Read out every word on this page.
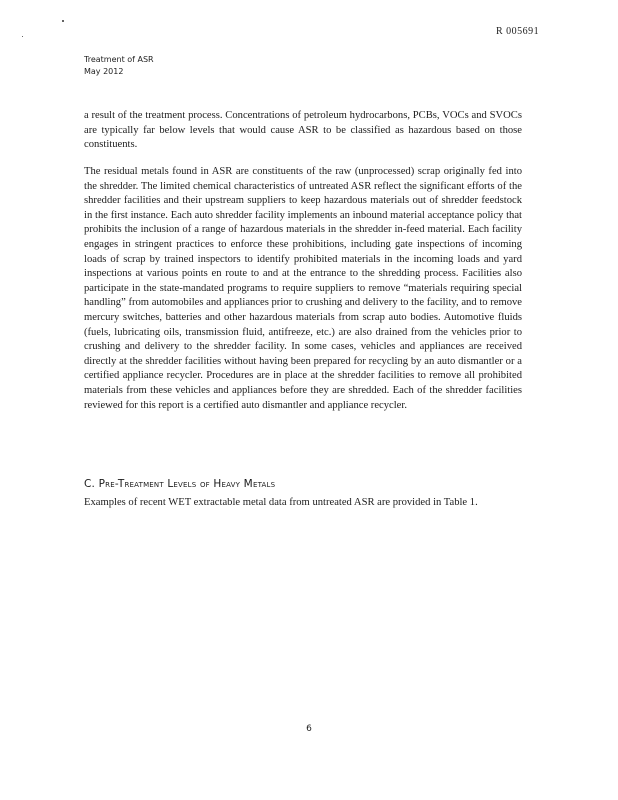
R 005691
Treatment of ASR
May 2012

a result of the treatment process. Concentrations of petroleum hydrocarbons, PCBs, VOCs and SVOCs are typically far below levels that would cause ASR to be classified as hazardous based on those constituents.

The residual metals found in ASR are constituents of the raw (unprocessed) scrap originally fed into the shredder. The limited chemical characteristics of untreated ASR reflect the significant efforts of the shredder facilities and their upstream suppliers to keep hazardous materials out of shredder feedstock in the first instance. Each auto shredder facility implements an inbound material acceptance policy that prohibits the inclusion of a range of hazardous materials in the shredder in-feed material. Each facility engages in stringent practices to enforce these prohibitions, including gate inspections of incoming loads of scrap by trained inspectors to identify prohibited materials in the incoming loads and yard inspections at various points en route to and at the entrance to the shredding process. Facilities also participate in the state-mandated programs to require suppliers to remove “materials requiring special handling” from automobiles and appliances prior to crushing and delivery to the facility, and to remove mercury switches, batteries and other hazardous materials from scrap auto bodies. Automotive fluids (fuels, lubricating oils, transmission fluid, antifreeze, etc.) are also drained from the vehicles prior to crushing and delivery to the shredder facility. In some cases, vehicles and appliances are received directly at the shredder facilities without having been prepared for recycling by an auto dismantler or a certified appliance recycler. Procedures are in place at the shredder facilities to remove all prohibited materials from these vehicles and appliances before they are shredded. Each of the shredder facilities reviewed for this report is a certified auto dismantler and appliance recycler.

C. Pre-Treatment Levels of Heavy Metals
Examples of recent WET extractable metal data from untreated ASR are provided in Table 1.
6
